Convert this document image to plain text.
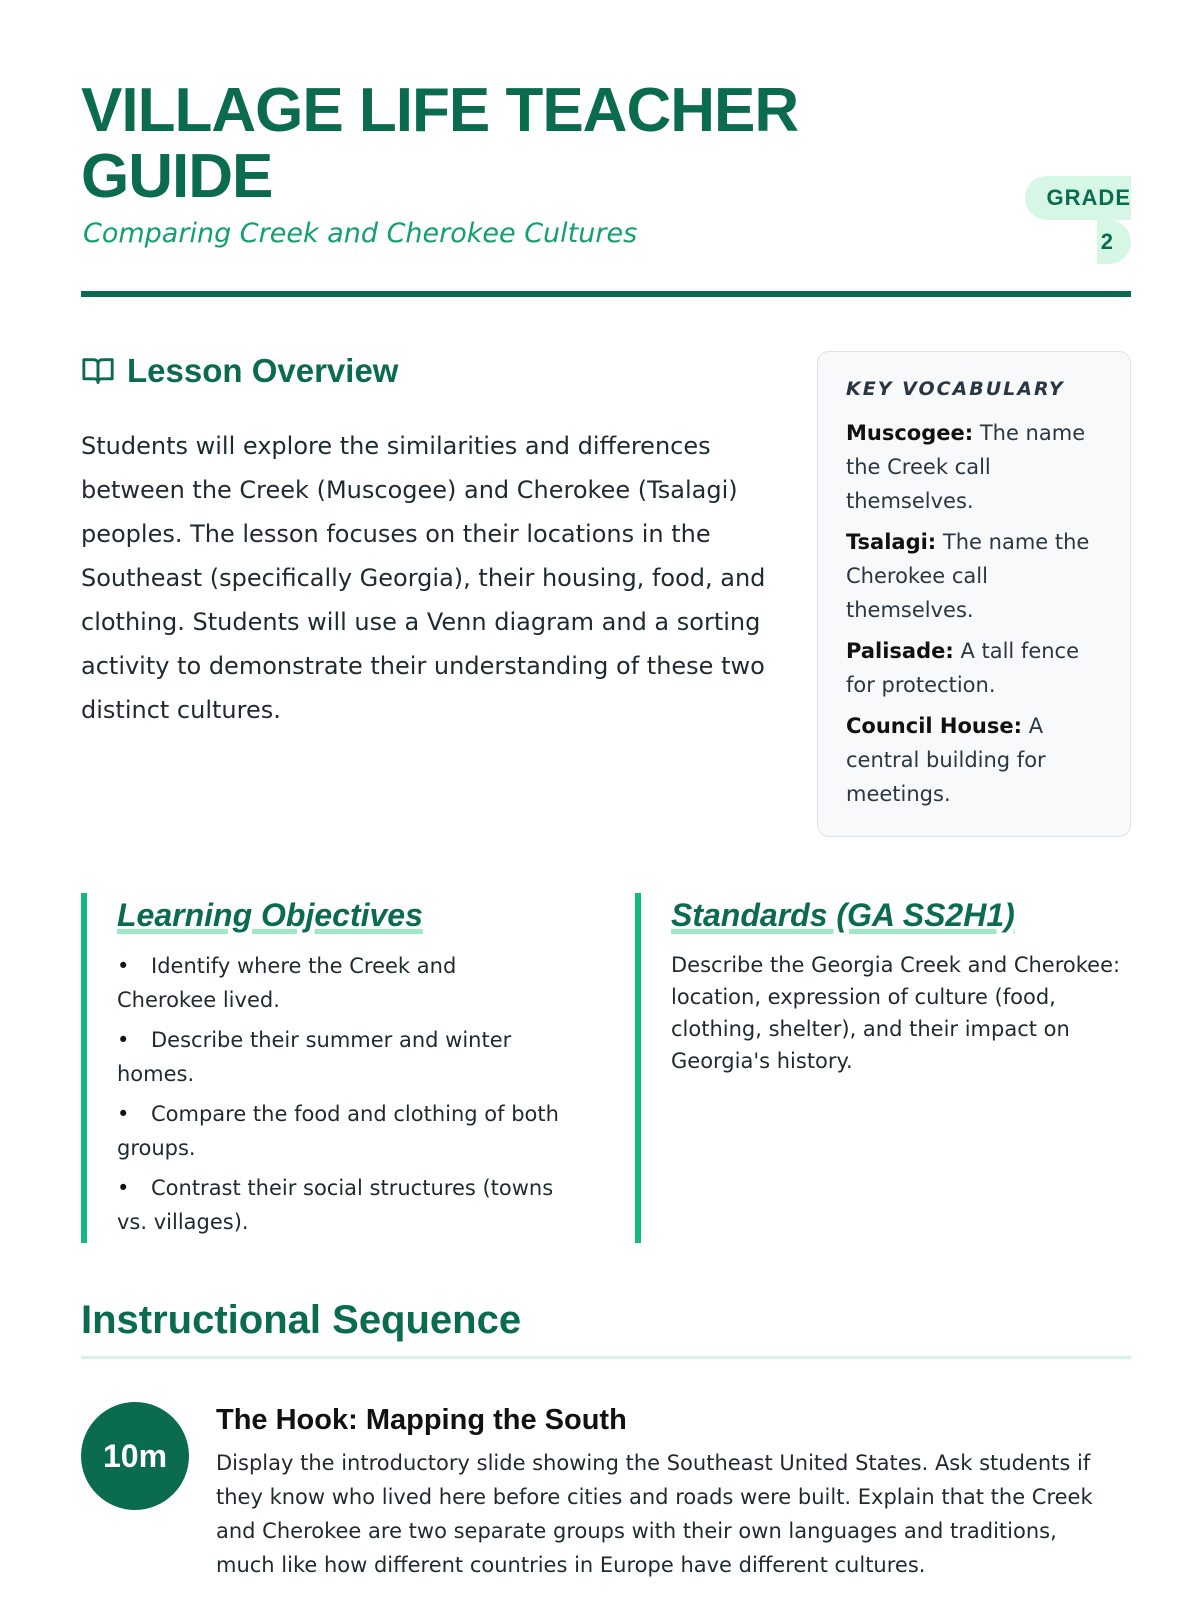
VILLAGE LIFE TEACHER GUIDE

Comparing Creek and Cherokee Cultures

GRADE
2
Lesson Overview

Students will explore the similarities and differences between the Creek (Muscogee) and Cherokee (Tsalagi) peoples. The lesson focuses on their locations in the Southeast (specifically Georgia), their housing, food, and clothing. Students will use a Venn diagram and a sorting activity to demonstrate their understanding of these two distinct cultures.

KEY VOCABULARY

Muscogee: The name the Creek call themselves.

Tsalagi: The name the Cherokee call themselves.

Palisade: A tall fence for protection.

Council House: A central building for meetings.

Learning Objectives
• Identify where the Creek and Cherokee lived.
• Describe their summer and winter homes.
• Compare the food and clothing of both groups.
• Contrast their social structures (towns vs. villages).
Standards (GA SS2H1)

Describe the Georgia Creek and Cherokee: location, expression of culture (food, clothing, shelter), and their impact on Georgia's history.

Instructional Sequence
10m
The Hook: Mapping the South

Display the introductory slide showing the Southeast United States. Ask students if they know who lived here before cities and roads were built. Explain that the Creek and Cherokee are two separate groups with their own languages and traditions, much like how different countries in Europe have different cultures.
